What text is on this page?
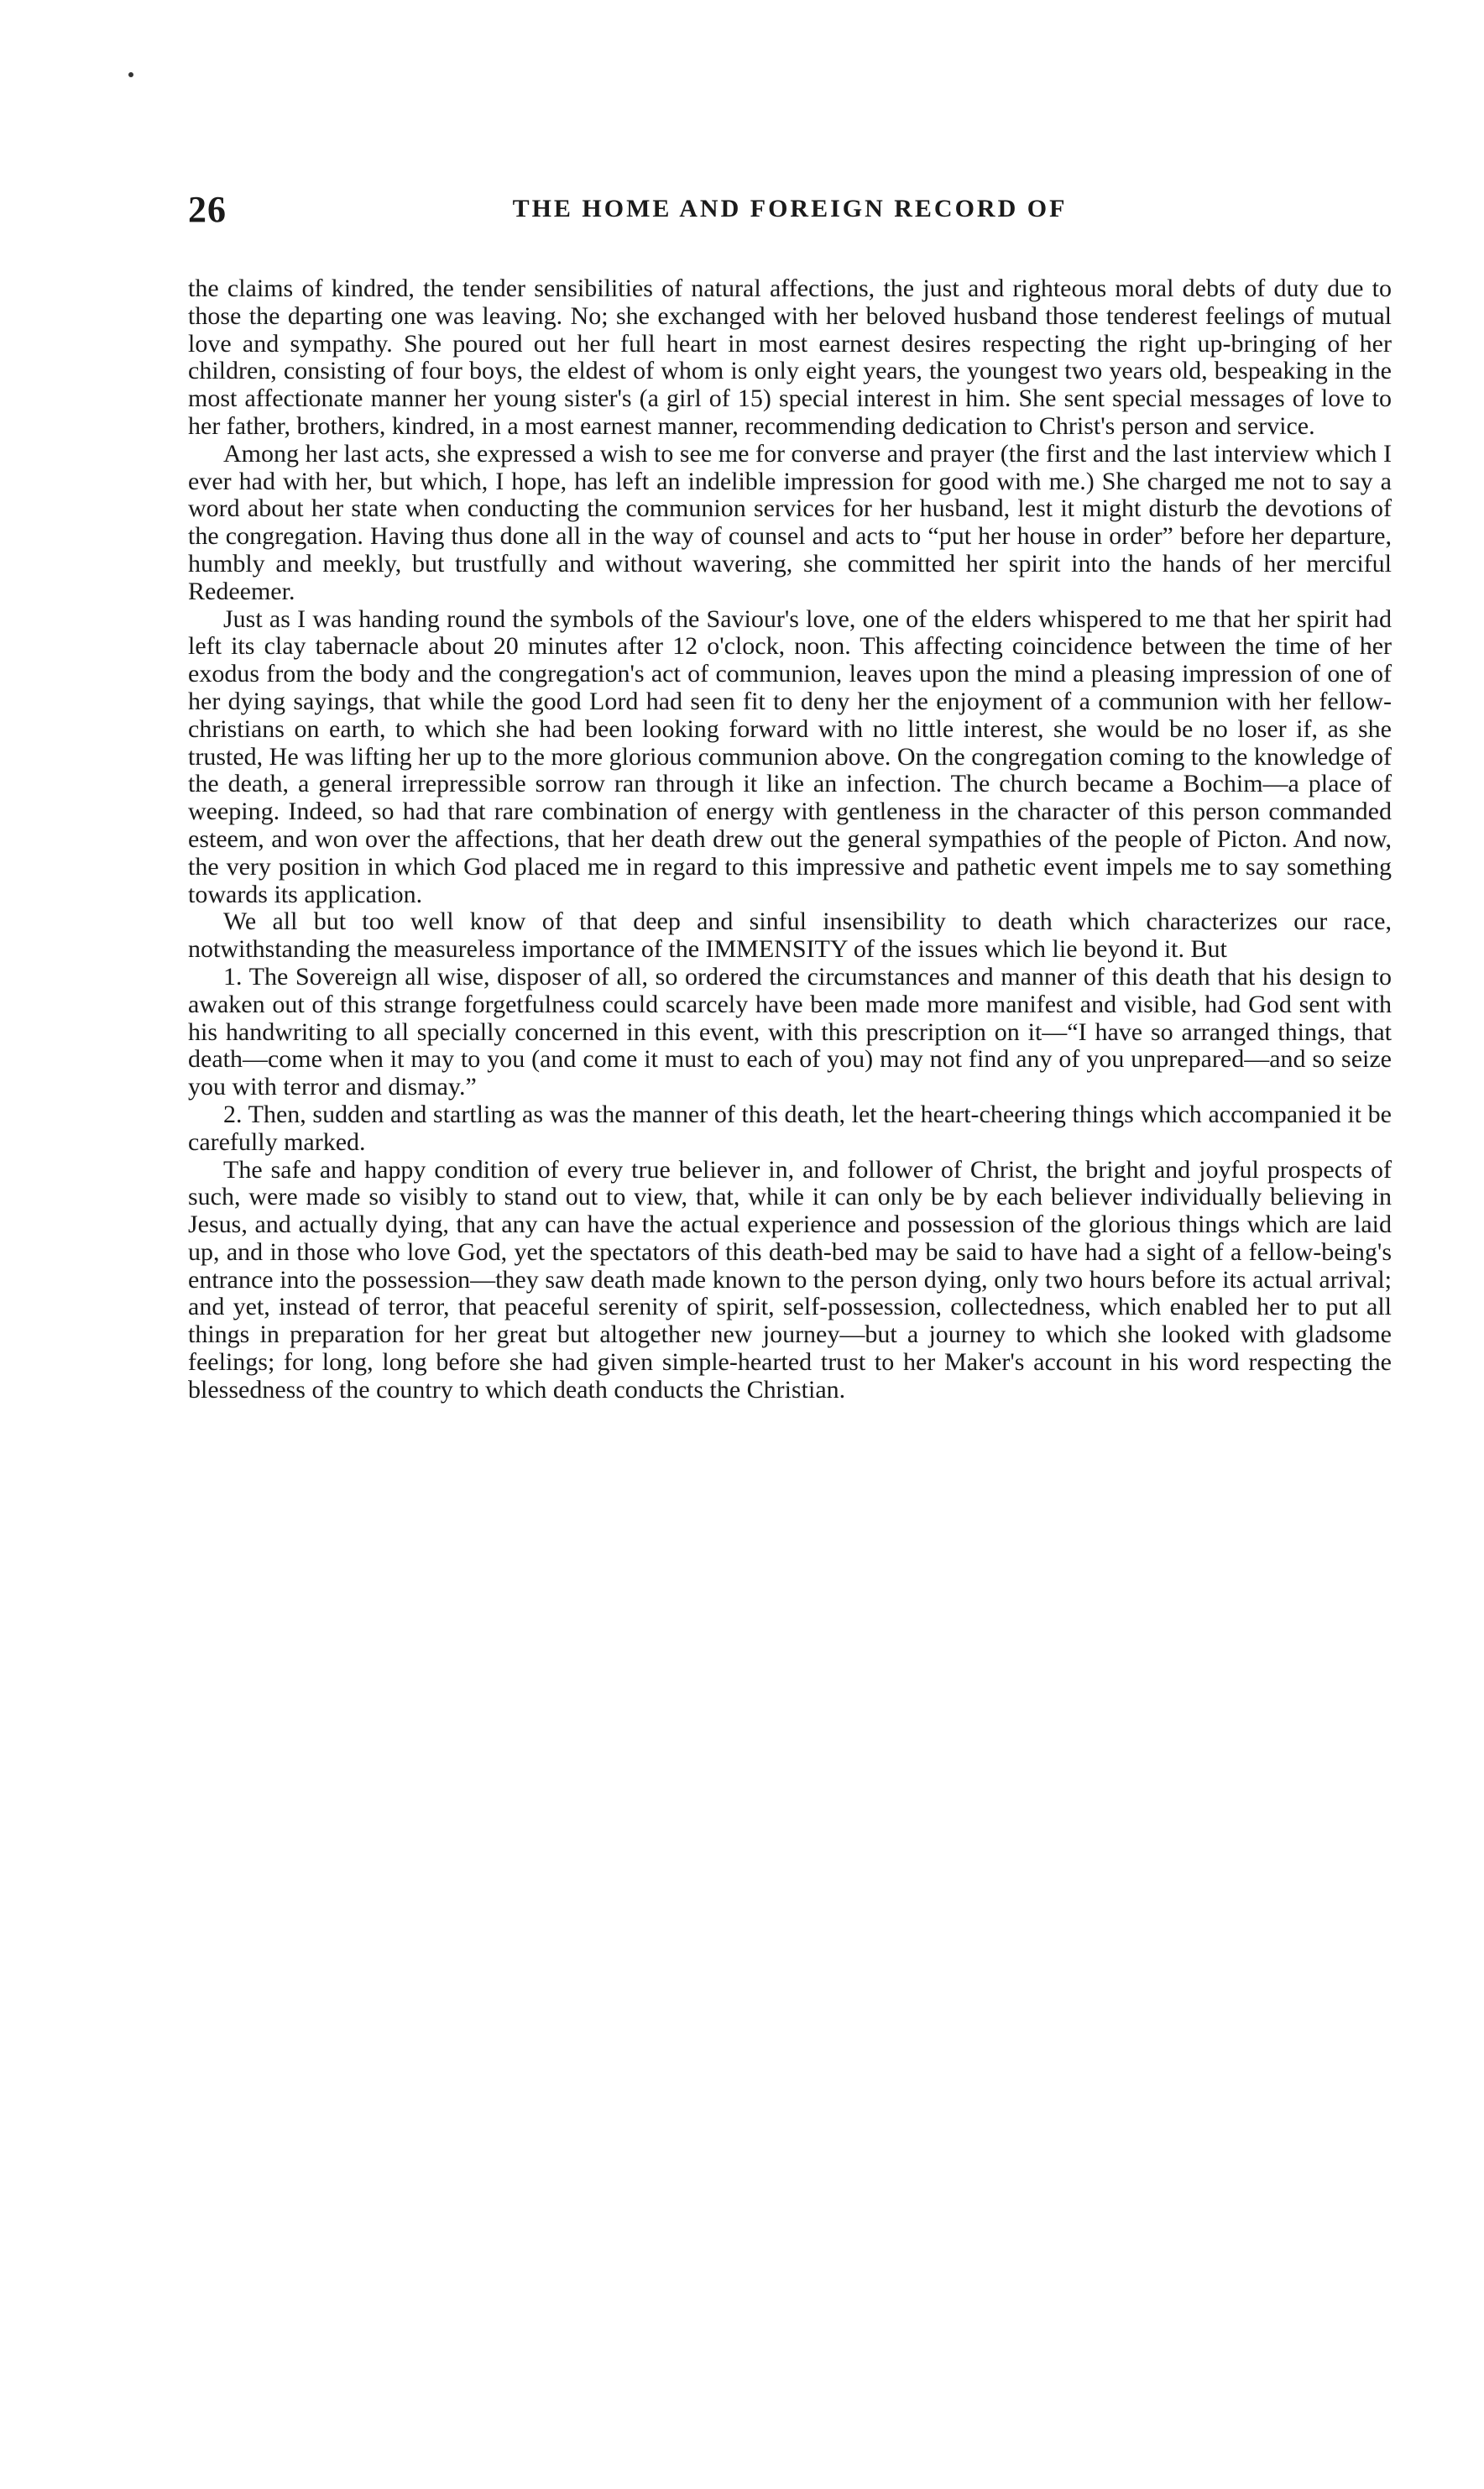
26	THE HOME AND FOREIGN RECORD OF

the claims of kindred, the tender sensibilities of natural affections, the just and righteous moral debts of duty due to those the departing one was leaving. No; she exchanged with her beloved husband those tenderest feelings of mutual love and sympathy. She poured out her full heart in most earnest desires respecting the right up-bringing of her children, consisting of four boys, the eldest of whom is only eight years, the youngest two years old, bespeaking in the most affectionate manner her young sister's (a girl of 15) special interest in him. She sent special messages of love to her father, brothers, kindred, in a most earnest manner, recommending dedication to Christ's person and service.

Among her last acts, she expressed a wish to see me for converse and prayer (the first and the last interview which I ever had with her, but which, I hope, has left an indelible impression for good with me.) She charged me not to say a word about her state when conducting the communion services for her husband, lest it might disturb the devotions of the congregation. Having thus done all in the way of counsel and acts to “put her house in order” before her departure, humbly and meekly, but trustfully and without wavering, she committed her spirit into the hands of her merciful Redeemer.

Just as I was handing round the symbols of the Saviour's love, one of the elders whispered to me that her spirit had left its clay tabernacle about 20 minutes after 12 o'clock, noon. This affecting coincidence between the time of her exodus from the body and the congregation's act of communion, leaves upon the mind a pleasing impression of one of her dying sayings, that while the good Lord had seen fit to deny her the enjoyment of a communion with her fellow-christians on earth, to which she had been looking forward with no little interest, she would be no loser if, as she trusted, He was lifting her up to the more glorious communion above. On the congregation coming to the knowledge of the death, a general irrepressible sorrow ran through it like an infection. The church became a Bochim—a place of weeping. Indeed, so had that rare combination of energy with gentleness in the character of this person commanded esteem, and won over the affections, that her death drew out the general sympathies of the people of Picton. And now, the very position in which God placed me in regard to this impressive and pathetic event impels me to say something towards its application.

We all but too well know of that deep and sinful insensibility to death which characterizes our race, notwithstanding the measureless importance of the IMMENSITY of the issues which lie beyond it. But

1. The Sovereign all wise, disposer of all, so ordered the circumstances and manner of this death that his design to awaken out of this strange forgetfulness could scarcely have been made more manifest and visible, had God sent with his handwriting to all specially concerned in this event, with this prescription on it—“I have so arranged things, that death—come when it may to you (and come it must to each of you) may not find any of you unprepared—and so seize you with terror and dismay.”

2. Then, sudden and startling as was the manner of this death, let the heart-cheering things which accompanied it be carefully marked.

The safe and happy condition of every true believer in, and follower of Christ, the bright and joyful prospects of such, were made so visibly to stand out to view, that, while it can only be by each believer individually believing in Jesus, and actually dying, that any can have the actual experience and possession of the glorious things which are laid up, and in those who love God, yet the spectators of this death-bed may be said to have had a sight of a fellow-being's entrance into the possession—they saw death made known to the person dying, only two hours before its actual arrival; and yet, instead of terror, that peaceful serenity of spirit, self-possession, collectedness, which enabled her to put all things in preparation for her great but altogether new journey—but a journey to which she looked with gladsome feelings; for long, long before she had given simple-hearted trust to her Maker's account in his word respecting the blessedness of the country to which death conducts the Christian.
